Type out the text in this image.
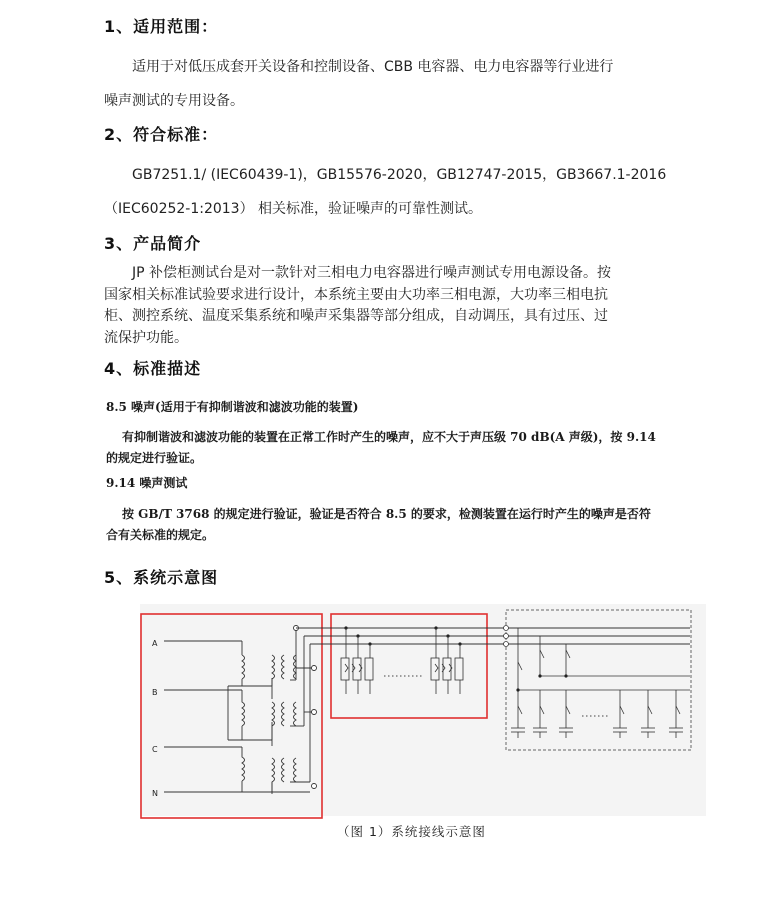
1、适用范围：
适用于对低压成套开关设备和控制设备、CBB 电容器、电力电容器等行业进行
噪声测试的专用设备。
2、符合标准：
GB7251.1/ (IEC60439-1)，GB15576-2020，GB12747-2015，GB3667.1-2016
（IEC60252-1:2013） 相关标准，验证噪声的可靠性测试。
3、产品简介
JP 补偿柜测试台是对一款针对三相电力电容器进行噪声测试专用电源设备。按
国家相关标准试验要求进行设计，本系统主要由大功率三相电源，大功率三相电抗
柜、测控系统、温度采集系统和噪声采集器等部分组成，自动调压，具有过压、过
流保护功能。
4、标准描述
8.5 噪声(适用于有抑制谐波和滤波功能的装置)
有抑制谐波和滤波功能的装置在正常工作时产生的噪声，应不大于声压级 70 dB(A 声级)，按 9.14
的规定进行验证。
9.14 噪声测试
按 GB/T 3768 的规定进行验证，验证是否符合 8.5 的要求，检测装置在运行时产生的噪声是否符
合有关标准的规定。
5、系统示意图
A
B
C
N
（图 1）系统接线示意图
